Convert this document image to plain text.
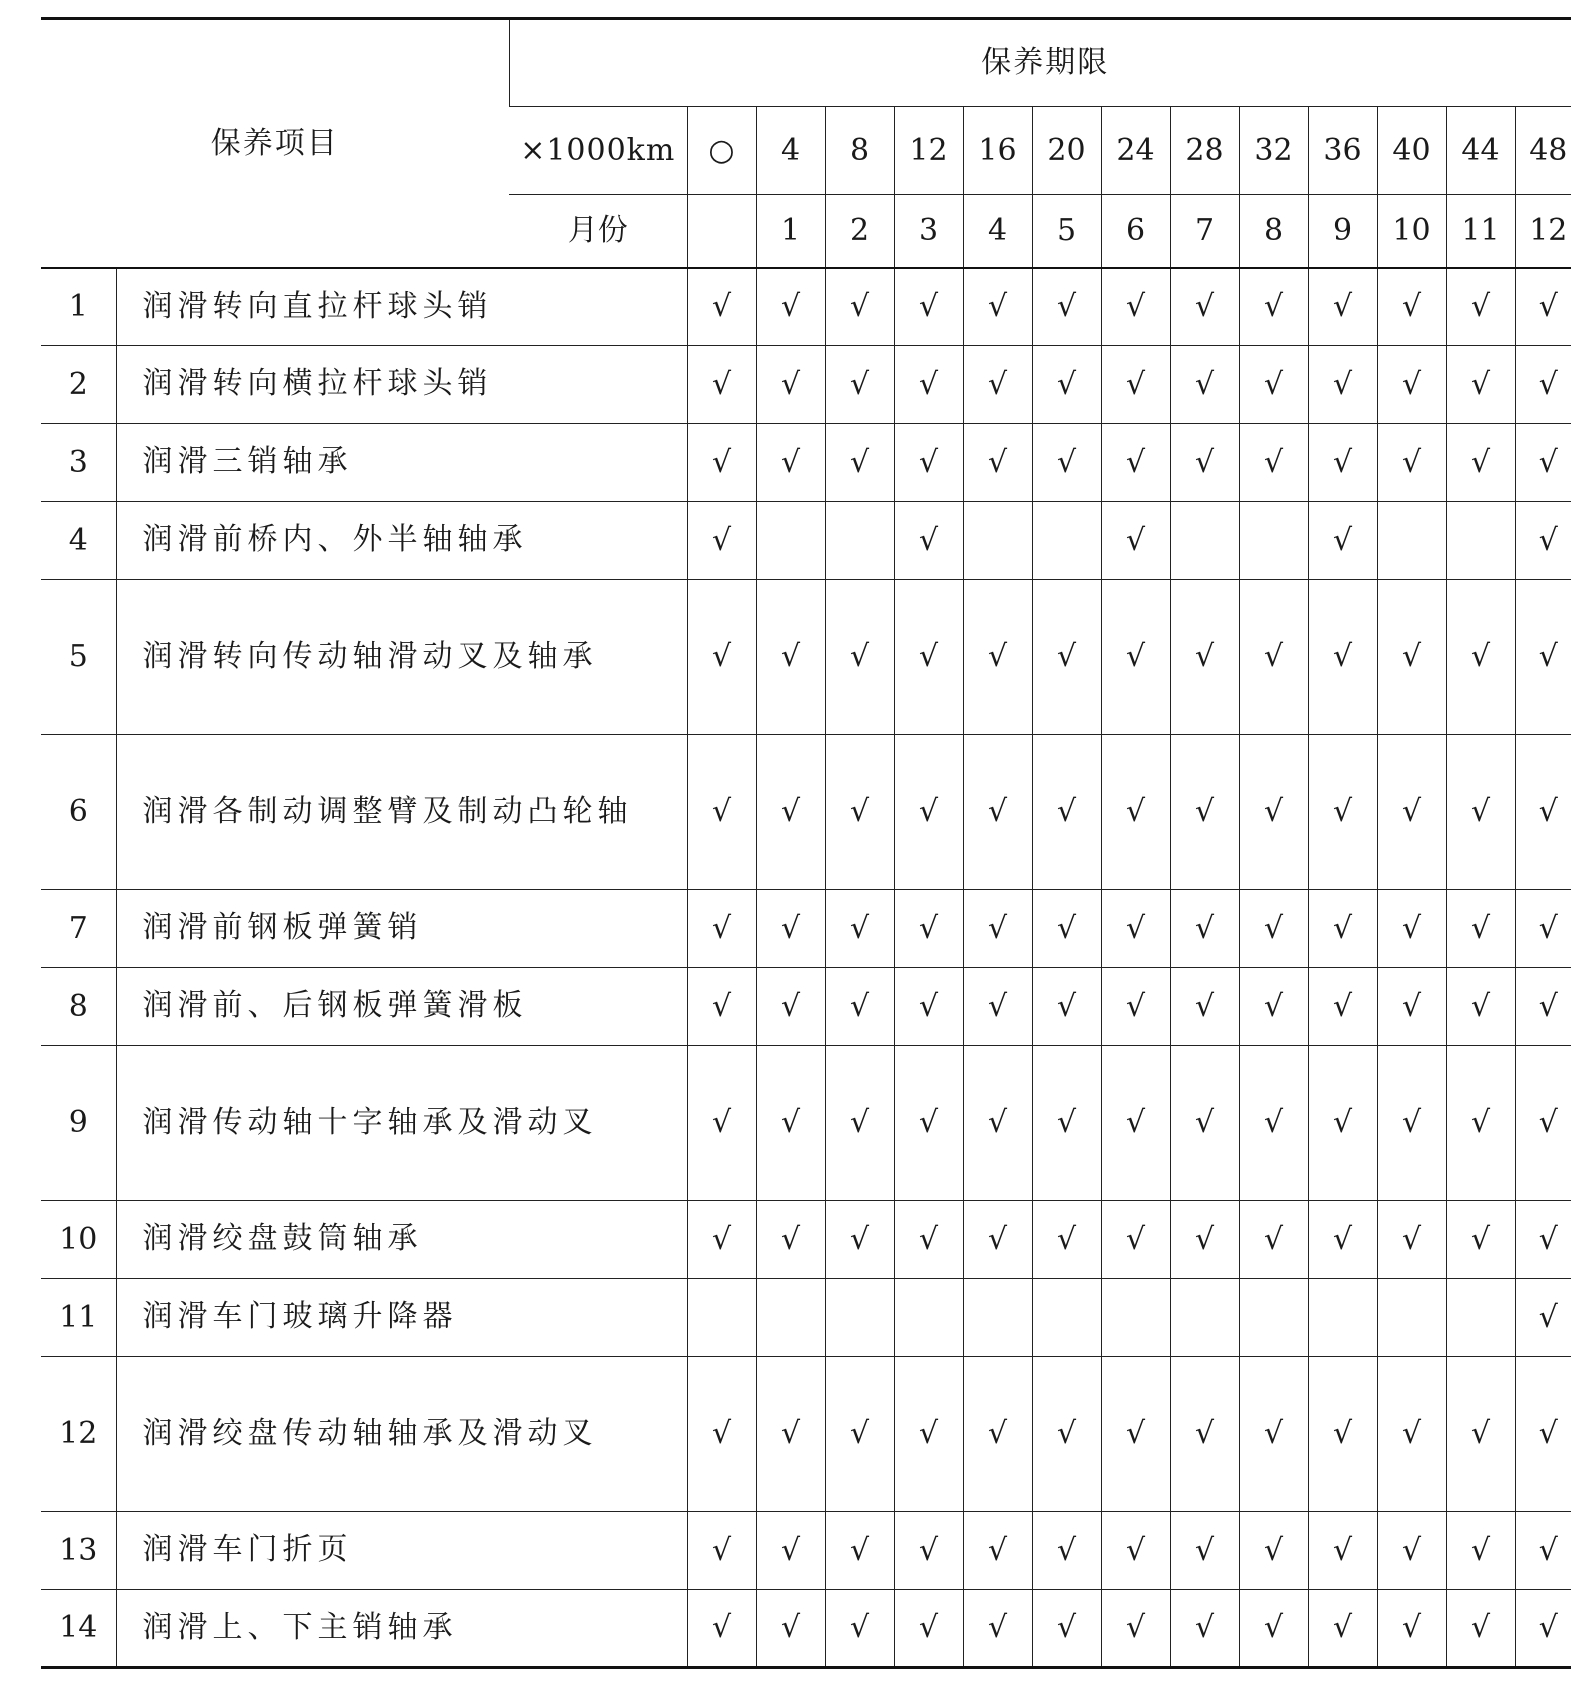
保养项目		保养期限													
		×1000km	○	4	8	12	16	20	24	28	32	36	40	44	48
		月份		1	2	3	4	5	6	7	8	9	10	11	12
1	润滑转向直拉杆球头销		√	√	√	√	√	√	√	√	√	√	√	√	√
2	润滑转向横拉杆球头销		√	√	√	√	√	√	√	√	√	√	√	√	√
3	润滑三销轴承		√	√	√	√	√	√	√	√	√	√	√	√	√
4	润滑前桥内、外半轴轴承		√			√			√			√			√
5	润滑转向传动轴滑动叉及轴承		√	√	√	√	√	√	√	√	√	√	√	√	√
6	润滑各制动调整臂及制动凸轮轴		√	√	√	√	√	√	√	√	√	√	√	√	√
7	润滑前钢板弹簧销		√	√	√	√	√	√	√	√	√	√	√	√	√
8	润滑前、后钢板弹簧滑板		√	√	√	√	√	√	√	√	√	√	√	√	√
9	润滑传动轴十字轴承及滑动叉		√	√	√	√	√	√	√	√	√	√	√	√	√
10	润滑绞盘鼓筒轴承		√	√	√	√	√	√	√	√	√	√	√	√	√
11	润滑车门玻璃升降器														√
12	润滑绞盘传动轴轴承及滑动叉		√	√	√	√	√	√	√	√	√	√	√	√	√
13	润滑车门折页		√	√	√	√	√	√	√	√	√	√	√	√	√
14	润滑上、下主销轴承		√	√	√	√	√	√	√	√	√	√	√	√	√
